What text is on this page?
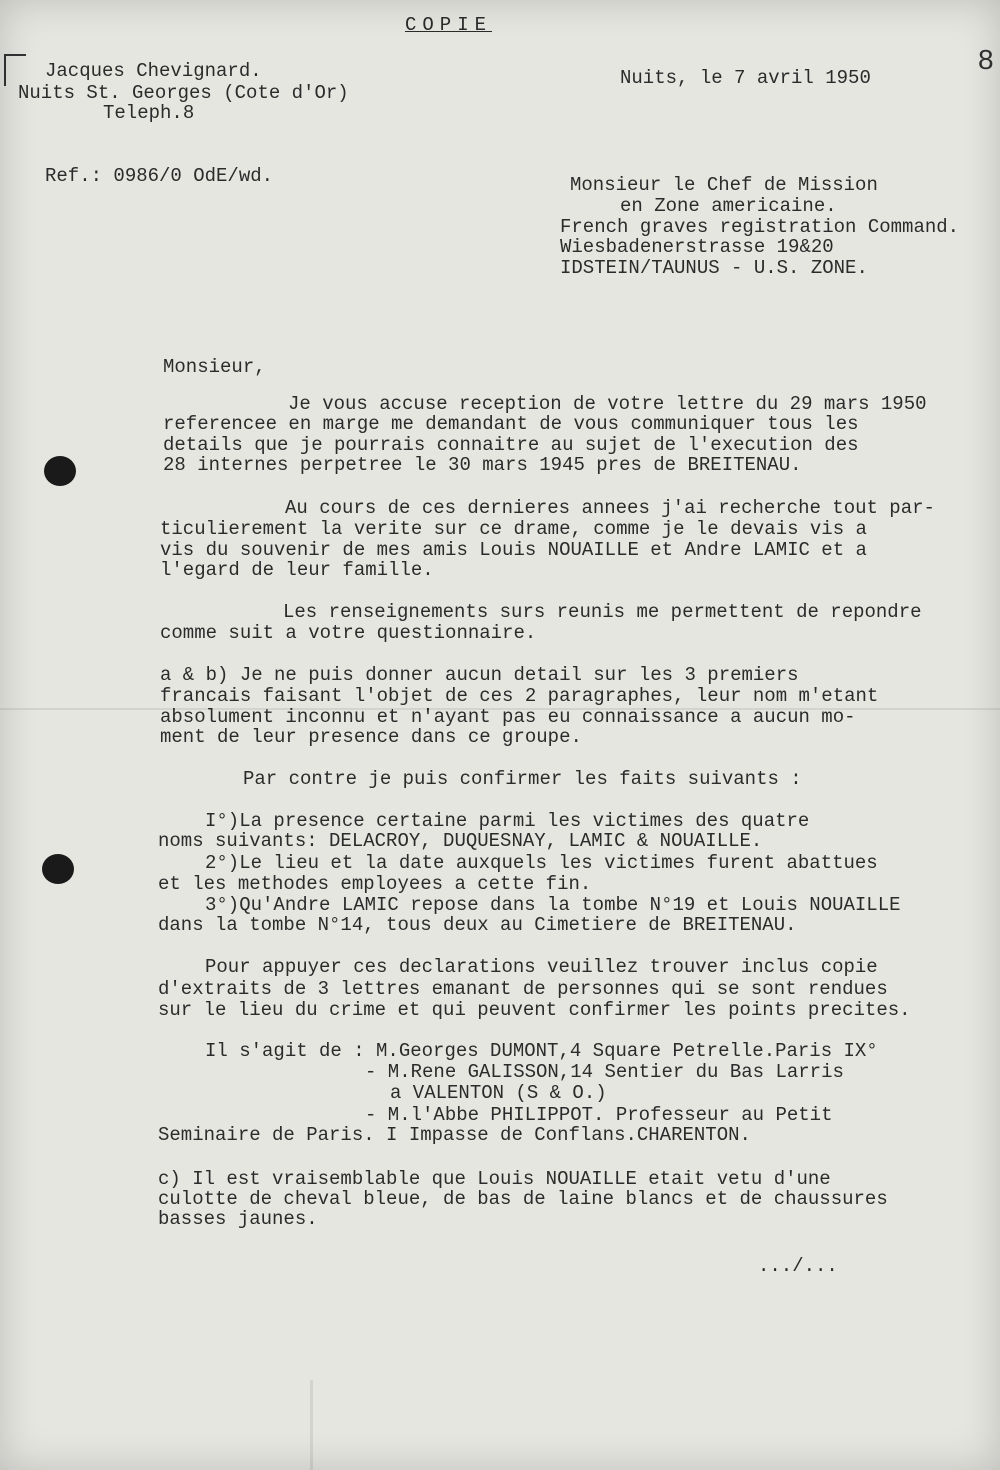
COPIE
8
Jacques Chevignard.
Nuits St. Georges (Cote d'Or)
Teleph.8
Nuits, le 7 avril 1950
Ref.: 0986/0 OdE/wd.	Monsieur le Chef de Mission
en Zone americaine.
French graves registration Command.
Wiesbadenerstrasse 19&20
IDSTEIN/TAUNUS - U.S. ZONE.
Monsieur,
Je vous accuse reception de votre lettre du 29 mars 1950
referencee en marge me demandant de vous communiquer tous les
details que je pourrais connaitre au sujet de l'execution des
28 internes perpetree le 30 mars 1945 pres de BREITENAU.
Au cours de ces dernieres annees j'ai recherche tout par-
ticulierement la verite sur ce drame, comme je le devais vis a
vis du souvenir de mes amis Louis NOUAILLE et Andre LAMIC et a
l'egard de leur famille.
Les renseignements surs reunis me permettent de repondre
comme suit a votre questionnaire.
a & b) Je ne puis donner aucun detail sur les 3 premiers
francais faisant l'objet de ces 2 paragraphes, leur nom m'etant
absolument inconnu et n'ayant pas eu connaissance a aucun mo-
ment de leur presence dans ce groupe.
Par contre je puis confirmer les faits suivants :
I°)La presence certaine parmi les victimes des quatre
noms suivants: DELACROY, DUQUESNAY, LAMIC & NOUAILLE.
2°)Le lieu et la date auxquels les victimes furent abattues
et les methodes employees a cette fin.
3°)Qu'Andre LAMIC repose dans la tombe N°19 et Louis NOUAILLE
dans la tombe N°14, tous deux au Cimetiere de BREITENAU.
Pour appuyer ces declarations veuillez trouver inclus copie
d'extraits de 3 lettres emanant de personnes qui se sont rendues
sur le lieu du crime et qui peuvent confirmer les points precites.
Il s'agit de : M.Georges DUMONT,4 Square Petrelle.Paris IX°
- M.Rene GALISSON,14 Sentier du Bas Larris
a VALENTON (S & O.)
- M.l'Abbe PHILIPPOT. Professeur au Petit
Seminaire de Paris. I Impasse de Conflans.CHARENTON.
c) Il est vraisemblable que Louis NOUAILLE etait vetu d'une
culotte de cheval bleue, de bas de laine blancs et de chaussures
basses jaunes.
.../...
